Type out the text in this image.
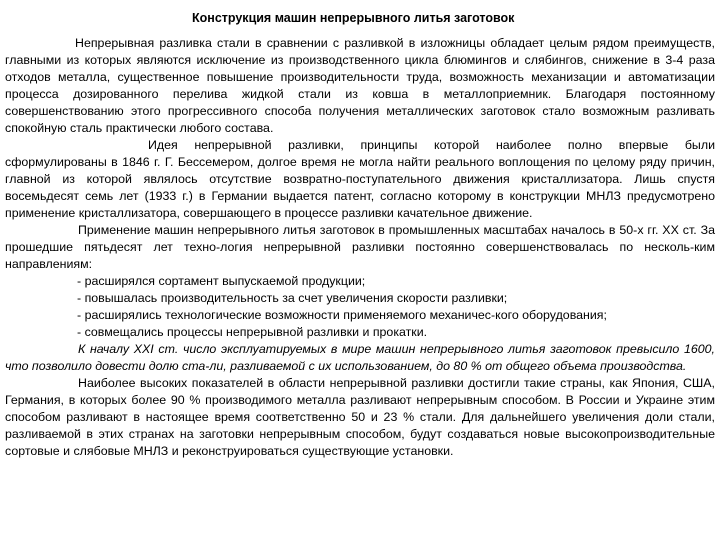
Конструкция машин непрерывного литья заготовок

Непрерывная разливка стали в сравнении с разливкой в изложницы обладает целым рядом преимуществ, главными из которых являются исключение из производственного цикла блюмингов и слябингов, снижение в 3-4 раза отходов металла, существенное повышение производительности труда, возможность механизации и автоматизации процесса дозированного перелива жидкой стали из ковша в металлоприемник. Благодаря постоянному совершенствованию этого прогрессивного способа получения металлических заготовок стало возможным разливать спокойную сталь практически любого состава.

Идея непрерывной разливки, принципы которой наиболее полно впервые были сформулированы в 1846 г. Г. Бессемером, долгое время не могла найти реального воплощения по целому ряду причин, главной из которой являлось отсутствие возвратно-поступательного движения кристаллизатора. Лишь спустя восемьдесят семь лет (1933 г.) в Германии выдается патент, согласно которому в конструкции МНЛЗ предусмотрено применение кристаллизатора, совершающего в процессе разливки качательное движение.

Применение машин непрерывного литья заготовок в промышленных масштабах началось в 50-х гг. XX ст. За прошедшие пятьдесят лет техно-логия непрерывной разливки постоянно совершенствовалась по несколь-ким направлениям:

- расширялся сортамент выпускаемой продукции;

- повышалась производительность за счет увеличения скорости разливки;

- расширялись технологические возможности применяемого механичес-кого оборудования;

- совмещались процессы непрерывной разливки и прокатки.

К началу XXI ст. число эксплуатируемых в мире машин непрерывного литья заготовок превысило 1600, что позволило довести долю ста-ли, разливаемой с их использованием, до 80 % от общего объема производства.

Наиболее высоких показателей в области непрерывной разливки достигли такие страны, как Япония, США, Германия, в которых более 90 % производимого металла разливают непрерывным способом. В России и Украине этим способом разливают в настоящее время соответственно 50 и 23 % стали. Для дальнейшего увеличения доли стали, разливаемой в этих странах на заготовки непрерывным способом, будут создаваться новые высокопроизводительные сортовые и слябовые МНЛЗ и реконструироваться существующие установки.
